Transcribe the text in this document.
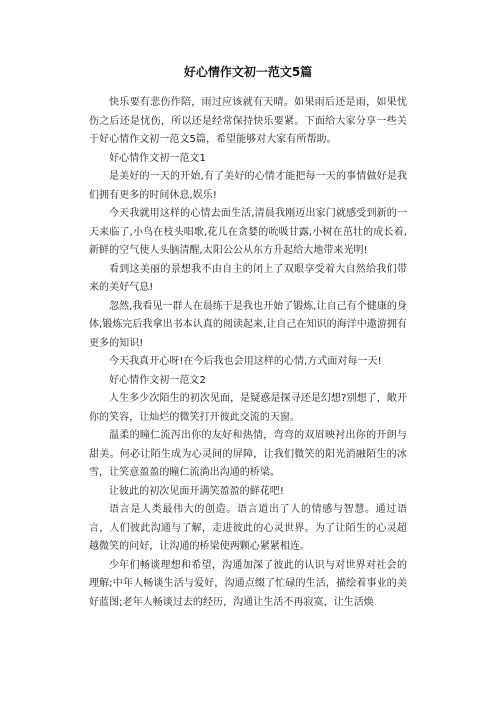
好心情作文初一范文5篇

快乐要有悲伤作陪，雨过应该就有天晴。如果雨后还是雨，如果忧伤之后还是忧伤，所以还是经常保持快乐要紧。下面给大家分享一些关于好心情作文初一范文5篇，希望能够对大家有所帮助。

好心情作文初一范文1

是美好的一天的开始,有了美好的心情才能把每一天的事情做好是我们拥有更多的时间休息,娱乐!

今天我就用这样的心情去面生活,清晨我刚迈出家门就感受到新的一天来临了,小鸟在枝头唱歌,花儿在贪婪的吮吸甘露,小树在茁壮的成长着,新鲜的空气使人头脑清醒,太阳公公从东方升起给大地带来光明!

看到这美丽的景想我不由自主的闭上了双眼享受着大自然给我们带来的美好气息!

忽然,我看见一群人在晨练于是我也开始了锻炼,让自己有个健康的身体,锻炼完后我拿出书本认真的阅读起来,让自己在知识的海洋中遨游拥有更多的知识!

今天我真开心呀!在今后我也会用这样的心情,方式面对每一天!

好心情作文初一范文2

人生多少次陌生的初次见面，是疑惑是探寻还是幻想?别想了，敞开你的笑容，让灿烂的微笑打开彼此交流的天窗。

温柔的瞳仁流泻出你的友好和热情，弯弯的双眉映衬出你的开朗与甜美。何必让陌生成为心灵间的屏障，让我们微笑的阳光消融陌生的冰雪，让笑意盈盈的瞳仁流淌出沟通的桥梁。

让彼此的初次见面开满笑盈盈的鲜花吧!

语言是人类最伟大的创造。语言道出了人的情感与智慧。通过语言，人们彼此沟通与了解，走进彼此的心灵世界。为了让陌生的心灵超越微笑的问好，让沟通的桥梁使两颗心紧紧相连。

少年们畅谈理想和希望，沟通加深了彼此的认识与对世界对社会的理解;中年人畅谈生活与爱好，沟通点缀了忙碌的生活，描绘着事业的美好蓝图;老年人畅谈过去的经历，沟通让生活不再寂寞，让生活焕
